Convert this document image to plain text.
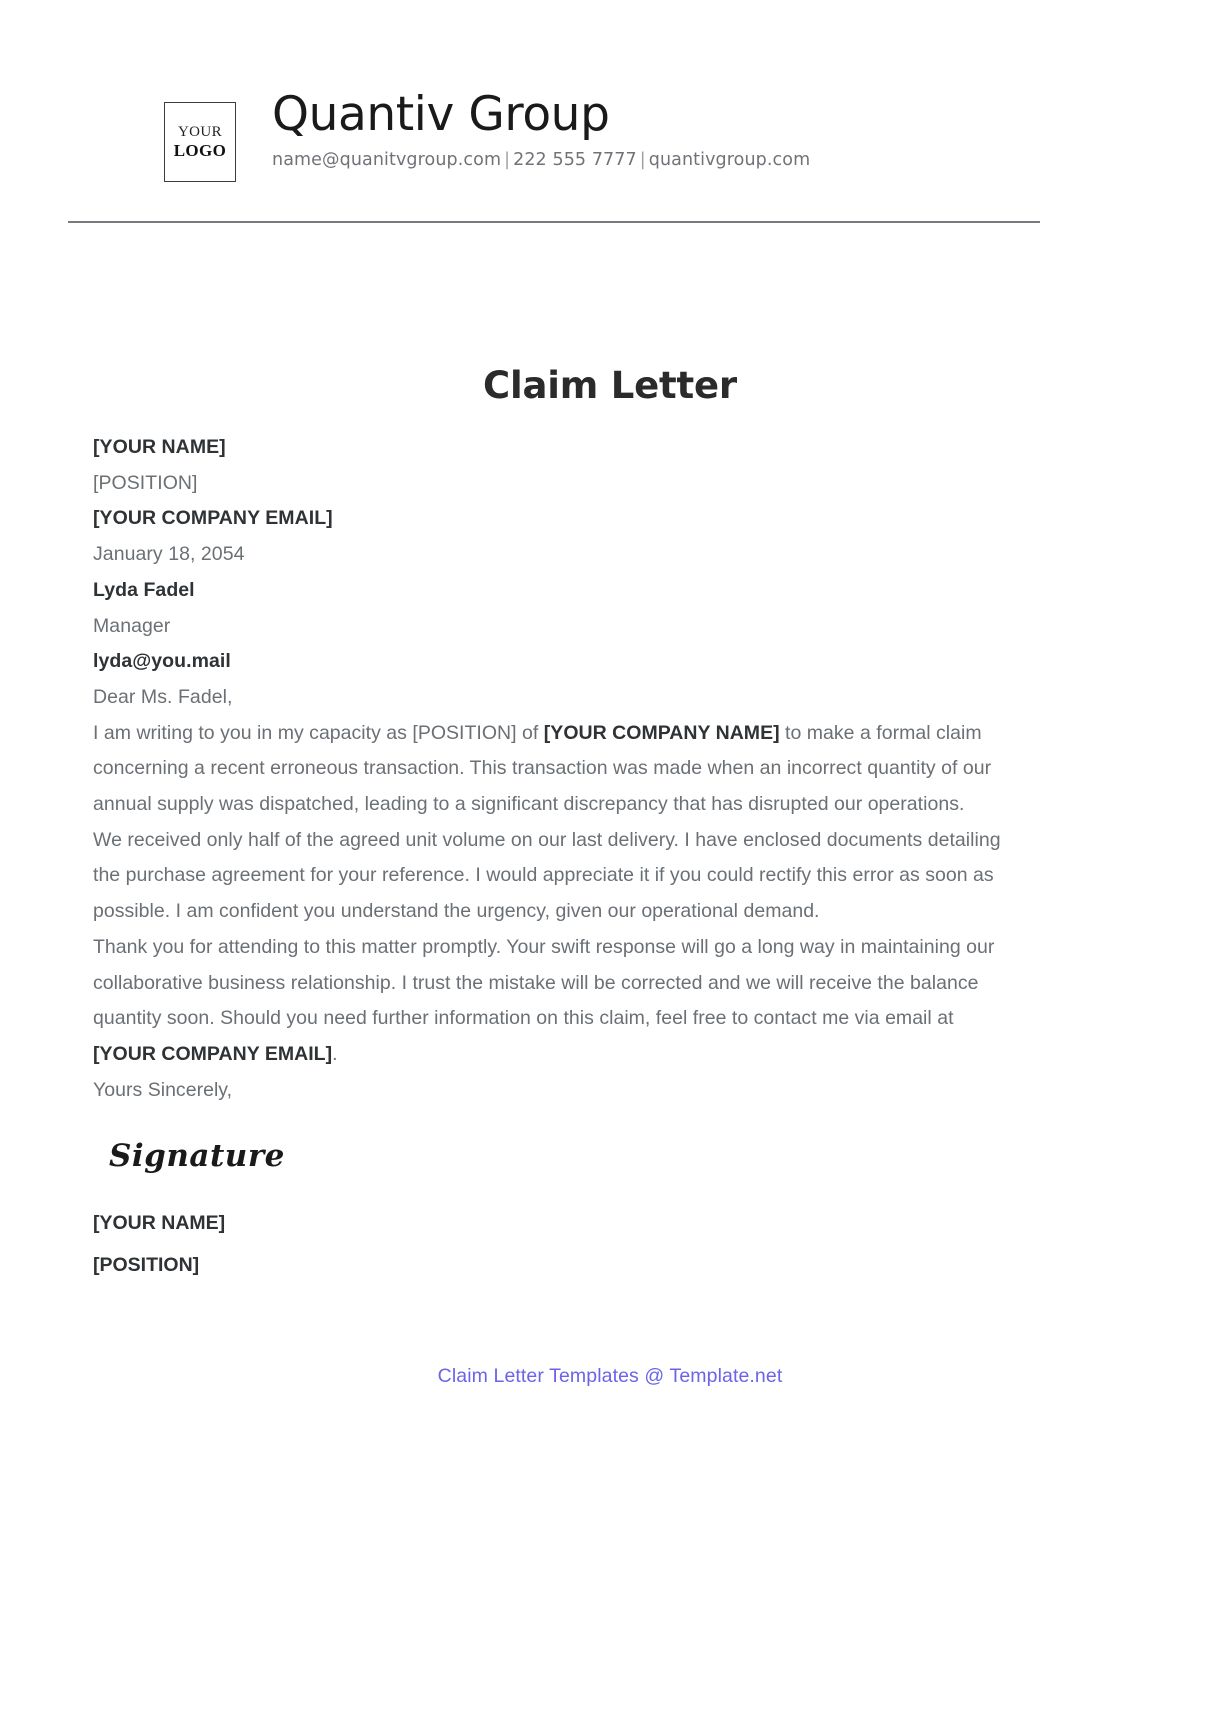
YOUR
LOGO
Quantiv Group
name@quanitvgroup.com | 222 555 7777 | quantivgroup.com
Claim Letter
[YOUR NAME]
[POSITION]
[YOUR COMPANY EMAIL]
January 18, 2054
Lyda Fadel
Manager
lyda@you.mail
Dear Ms. Fadel,
I am writing to you in my capacity as [POSITION] of [YOUR COMPANY NAME] to make a formal claim concerning a recent erroneous transaction. This transaction was made when an incorrect quantity of our annual supply was dispatched, leading to a significant discrepancy that has disrupted our operations.
We received only half of the agreed unit volume on our last delivery. I have enclosed documents detailing the purchase agreement for your reference. I would appreciate it if you could rectify this error as soon as possible. I am confident you understand the urgency, given our operational demand.
Thank you for attending to this matter promptly. Your swift response will go a long way in maintaining our collaborative business relationship. I trust the mistake will be corrected and we will receive the balance quantity soon. Should you need further information on this claim, feel free to contact me via email at [YOUR COMPANY EMAIL].
Yours Sincerely,
Signature
[YOUR NAME]
[POSITION]
Claim Letter Templates @ Template.net
